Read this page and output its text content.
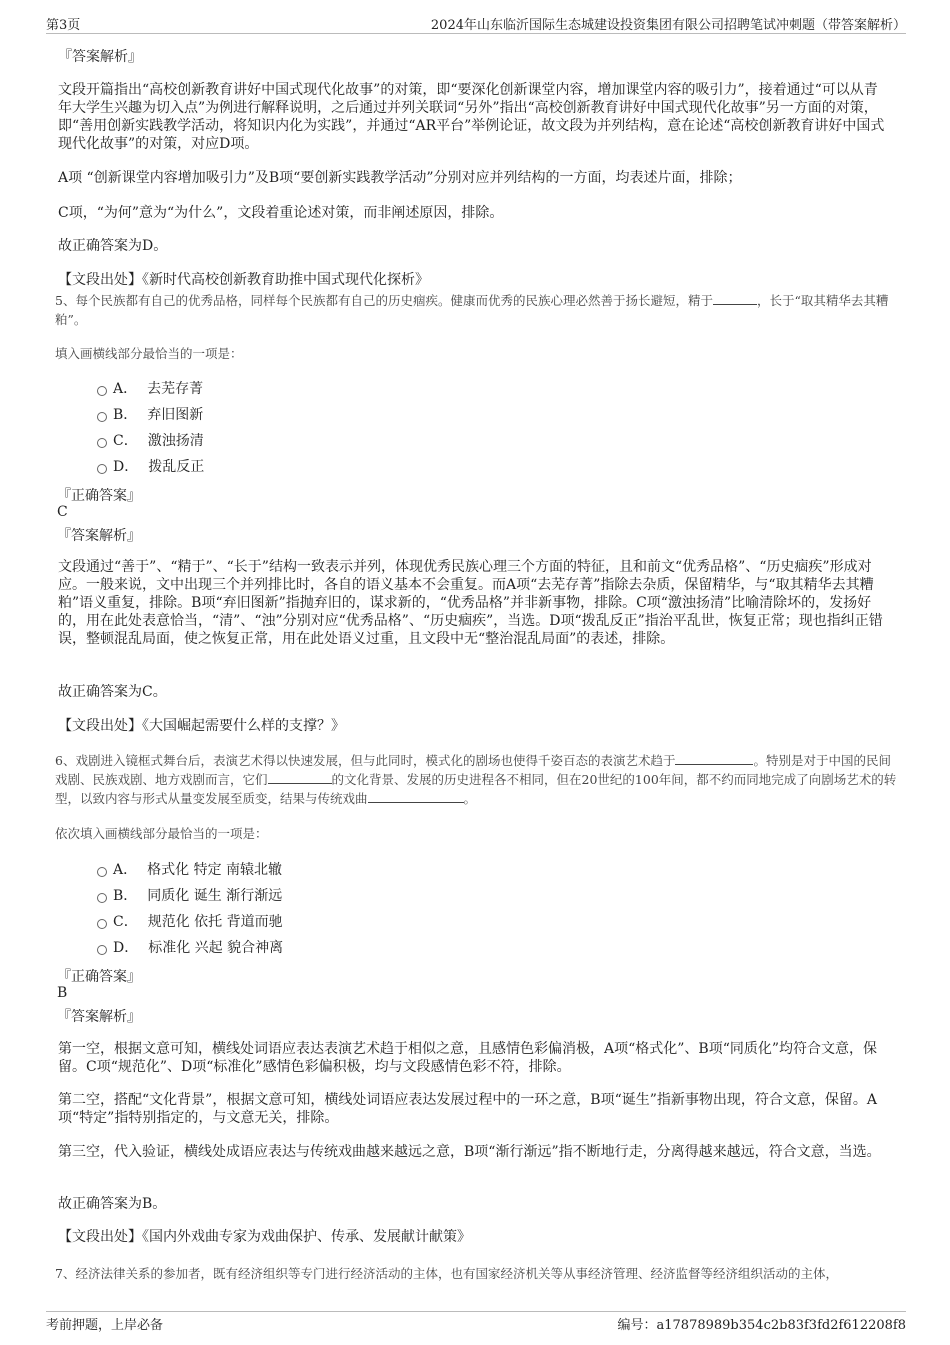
第3页	2024年山东临沂国际生态城建设投资集团有限公司招聘笔试冲刺题（带答案解析）
『答案解析』

文段开篇指出“高校创新教育讲好中国式现代化故事”的对策，即“要深化创新课堂内容，增加课堂内容的吸引力”，接着通过“可以从青年大学生兴趣为切入点”为例进行解释说明，之后通过并列关联词“另外”指出“高校创新教育讲好中国式现代化故事”另一方面的对策，即“善用创新实践教学活动，将知识内化为实践”，并通过“AR平台”举例论证，故文段为并列结构，意在论述“高校创新教育讲好中国式现代化故事”的对策，对应D项。

A项 “创新课堂内容增加吸引力”及B项“要创新实践教学活动”分别对应并列结构的一方面，均表述片面，排除；

C项，“为何”意为“为什么”，文段着重论述对策，而非阐述原因，排除。

故正确答案为D。

【文段出处】《新时代高校创新教育助推中国式现代化探析》

5、每个民族都有自己的优秀品格，同样每个民族都有自己的历史痼疾。健康而优秀的民族心理必然善于扬长避短，精于	，长于“取其精华去其糟粕”。

填入画横线部分最恰当的一项是：

A． 去芜存菁
B． 弃旧图新
C． 激浊扬清
D． 拨乱反正
『正确答案』
C
『答案解析』

文段通过“善于”、“精于”、“长于”结构一致表示并列，体现优秀民族心理三个方面的特征，且和前文“优秀品格”、“历史痼疾”形成对应。一般来说，文中出现三个并列排比时，各自的语义基本不会重复。而A项“去芜存菁”指除去杂质，保留精华，与“取其精华去其糟粕”语义重复，排除。B项“弃旧图新”指抛弃旧的，谋求新的，“优秀品格”并非新事物，排除。C项“激浊扬清”比喻清除坏的，发扬好的，用在此处表意恰当，“清”、“浊”分别对应“优秀品格”、“历史痼疾”，当选。D项“拨乱反正”指治平乱世，恢复正常；现也指纠正错误，整顿混乱局面，使之恢复正常，用在此处语义过重，且文段中无“整治混乱局面”的表述，排除。

故正确答案为C。

【文段出处】《大国崛起需要什么样的支撑？》

6、戏剧进入镜框式舞台后，表演艺术得以快速发展，但与此同时，模式化的剧场也使得千姿百态的表演艺术趋于	。特别是对于中国的民间戏剧、民族戏剧、地方戏剧而言，它们	的文化背景、发展的历史进程各不相同，但在20世纪的100年间，都不约而同地完成了向剧场艺术的转型，以致内容与形式从量变发展至质变，结果与传统戏曲	。

依次填入画横线部分最恰当的一项是：

A． 格式化 特定 南辕北辙
B． 同质化 诞生 渐行渐远
C． 规范化 依托 背道而驰
D． 标准化 兴起 貌合神离
『正确答案』
B
『答案解析』

第一空，根据文意可知，横线处词语应表达表演艺术趋于相似之意，且感情色彩偏消极，A项“格式化”、B项“同质化”均符合文意，保留。C项“规范化”、D项“标准化”感情色彩偏积极，均与文段感情色彩不符，排除。

第二空，搭配“文化背景”，根据文意可知，横线处词语应表达发展过程中的一环之意，B项“诞生”指新事物出现，符合文意，保留。A项“特定”指特别指定的，与文意无关，排除。

第三空，代入验证，横线处成语应表达与传统戏曲越来越远之意，B项“渐行渐远”指不断地行走，分离得越来越远，符合文意，当选。

故正确答案为B。

【文段出处】《国内外戏曲专家为戏曲保护、传承、发展献计献策》

7、经济法律关系的参加者，既有经济组织等专门进行经济活动的主体，也有国家经济机关等从事经济管理、经济监督等经济组织活动的主体，

考前押题，上岸必备	编号：a17878989b354c2b83f3fd2f612208f8
